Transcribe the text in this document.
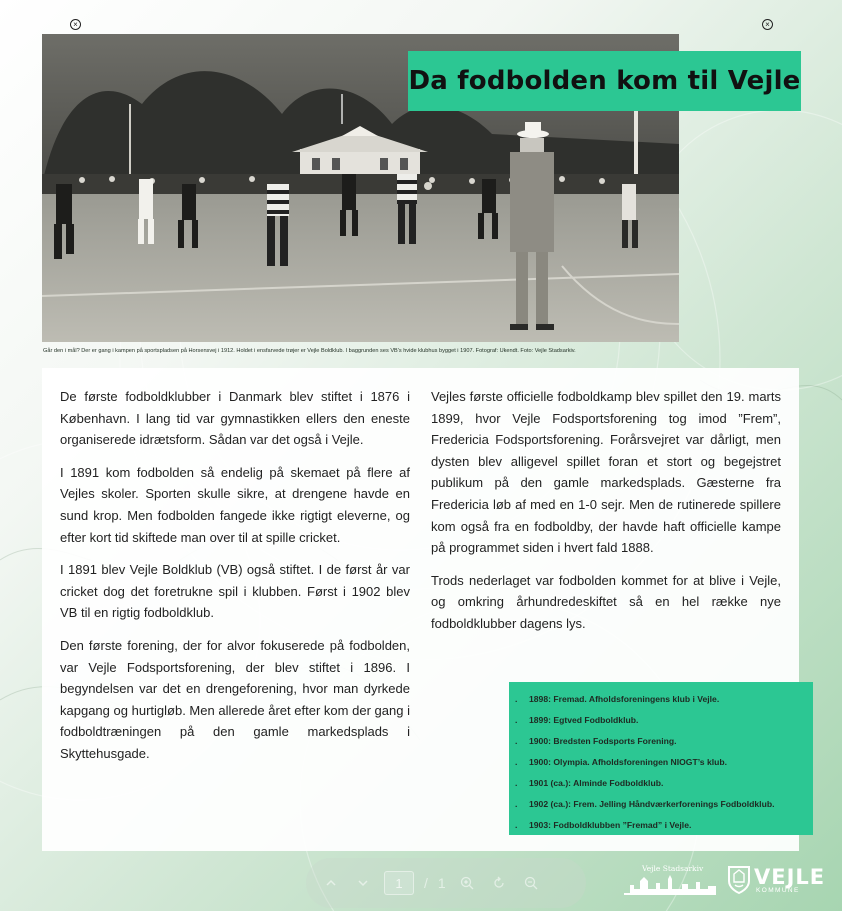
×	×
Går den i mål? Der er gang i kampen på sportspladsen på Horsensvej i 1912. Holdet i ensfarvede trøjer er Vejle Boldklub. I baggrunden ses VB's hvide klubhus bygget i 1907. Fotograf: Ukendt. Foto: Vejle Stadsarkiv.
Da fodbolden kom til Vejle

De første fodboldklubber i Danmark blev stiftet i 1876 i København. I lang tid var gymnastikken ellers den eneste organiserede idrætsform. Sådan var det også i Vejle.

I 1891 kom fodbolden så endelig på skemaet på flere af Vejles skoler. Sporten skulle sikre, at drengene havde en sund krop. Men fodbolden fangede ikke rigtigt eleverne, og efter kort tid skiftede man over til at spille cricket.

I 1891 blev Vejle Boldklub (VB) også stiftet. I de først år var cricket dog det foretrukne spil i klubben. Først i 1902 blev VB til en rigtig fodboldklub.

Den første forening, der for alvor fokuserede på fodbolden, var Vejle Fodsportsforening, der blev stiftet i 1896. I begyndelsen var det en drengeforening, hvor man dyrkede kapgang og hurtigløb. Men allerede året efter kom der gang i fodboldtræningen på den gamle markedsplads i Skyttehusgade.

Vejles første officielle fodboldkamp blev spillet den 19. marts 1899, hvor Vejle Fodsportsforening tog imod ”Frem”, Fredericia Fodsportsforening. Forårsvejret var dårligt, men dysten blev alligevel spillet foran et stort og begejstret publikum på den gamle markedsplads. Gæsterne fra Fredericia løb af med en 1-0 sejr. Men de rutinerede spillere kom også fra en fodboldby, der havde haft officielle kampe på programmet siden i hvert fald 1888.

Trods nederlaget var fodbolden kommet for at blive i Vejle, og omkring århundredeskiftet så en hel række nye fodboldklubber dagens lys.

. 1898: Fremad. Afholdsforeningens klub i Vejle.
. 1899: Egtved Fodboldklub.
. 1900: Bredsten Fodsports Forening.
. 1900: Olympia. Afholdsforeningen NIOGT’s klub.
. 1901 (ca.): Alminde Fodboldklub.
. 1902 (ca.): Frem. Jelling Håndværkerforenings Fodboldklub.
. 1903: Fodboldklubben ”Fremad” i Vejle.
1
/ 1
Vejle Stadsarkiv VEJLE
KOMMUNE
